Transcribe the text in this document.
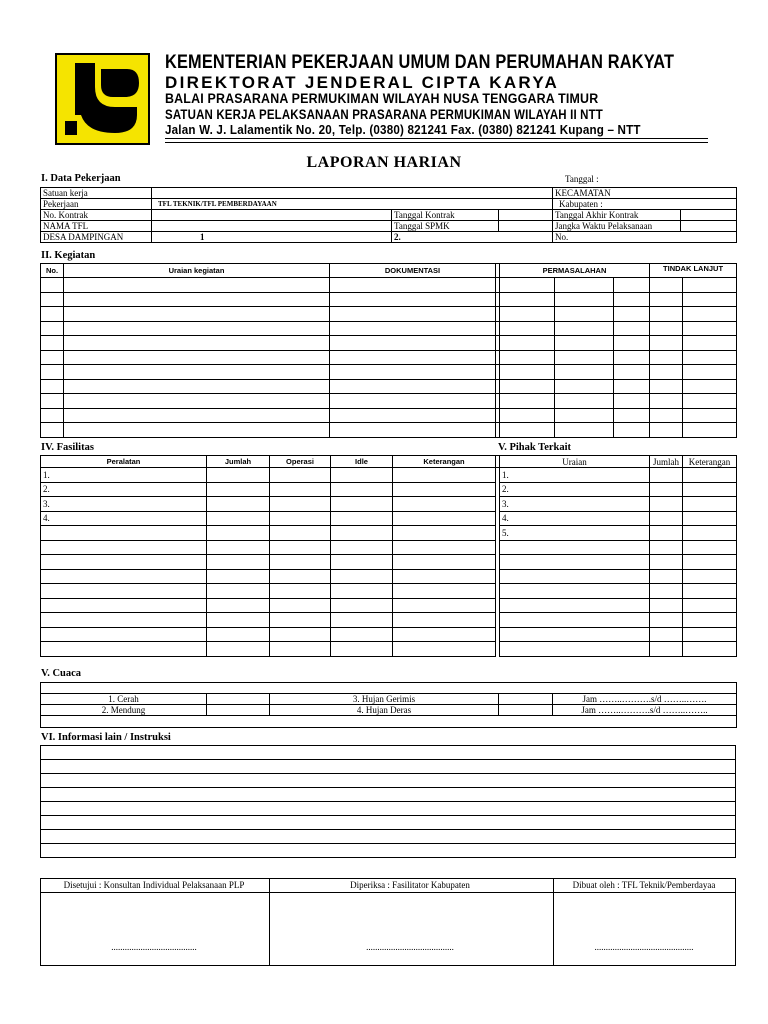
KEMENTERIAN PEKERJAAN UMUM DAN PERUMAHAN RAKYAT
DIREKTORAT JENDERAL CIPTA KARYA
BALAI PRASARANA PERMUKIMAN WILAYAH NUSA TENGGARA TIMUR
SATUAN KERJA PELAKSANAAN PRASARANA PERMUKIMAN WILAYAH II NTT
Jalan W. J. Lalamentik No. 20, Telp. (0380) 821241 Fax. (0380) 821241 Kupang – NTT
LAPORAN HARIAN
I. Data Pekerjaan	Tanggal :
Satuan kerja				KECAMATAN	
Pekerjaan	TFL TEKNIK/TFL PEMBERDAYAAN			Kabupaten :	
No. Kontrak		Tanggal Kontrak		Tanggal Akhir Kontrak	
NAMA TFL		Tanggal SPMK		Jangka Waktu Pelaksanaan	
DESA DAMPINGAN	1	2.		No.	
II. Kegiatan
No.	Uraian kegiatan	DOKUMENTASI		PERMASALAHAN			TINDAK LANJUT	

IV. Fasilitas	V. Pihak Terkait
Peralatan	Jumlah	Operasi	Idle	Keterangan		Uraian	Jumlah	Keterangan
1.						1.		
2.						2.		
3.						3.		
4.						4.		
						5.		

V. Cuaca

1. Cerah		3. Hujan Gerimis		Jam ……..……….s/d ……..…….
2. Mendung		4. Hujan Deras		Jam ……..……….s/d ……..……..

VI. Informasi lain / Instruksi

Disetujui : Konsultan Individual Pelaksanaan PLP	Diperiksa : Fasilitator Kabupaten	Dibuat oleh : TFL Teknik/Pemberdayaa
......................................	.......................................	............................................
